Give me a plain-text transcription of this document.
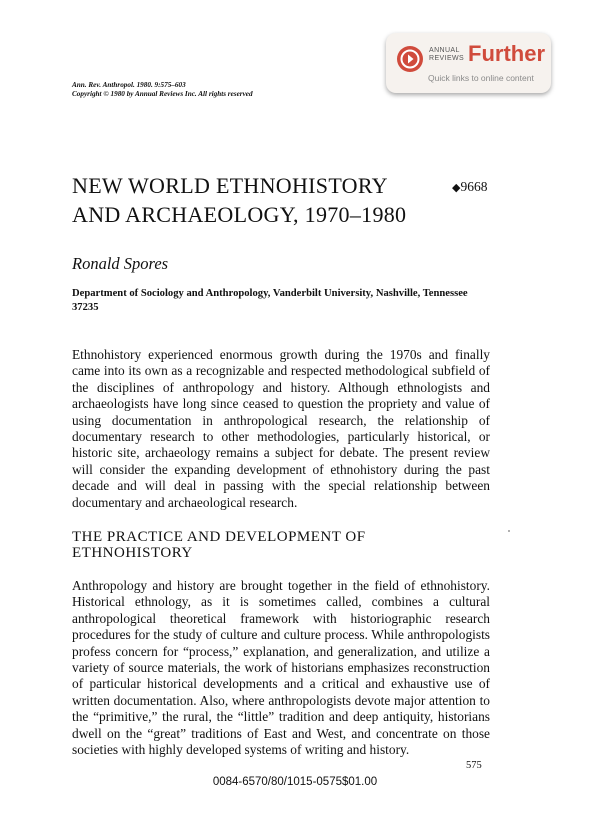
ANNUAL
REVIEWS Further
Quick links to online content
Ann. Rev. Anthropol. 1980. 9:575–603
Copyright © 1980 by Annual Reviews Inc. All rights reserved
NEW WORLD ETHNOHISTORY AND ARCHAEOLOGY, 1970–1980
◆9668
Ronald Spores
Department of Sociology and Anthropology, Vanderbilt University, Nashville, Tennessee 37235

Ethnohistory experienced enormous growth during the 1970s and finally came into its own as a recognizable and respected methodological subfield of the disciplines of anthropology and history. Although ethnologists and archaeologists have long since ceased to question the propriety and value of using documentation in anthropological research, the relationship of documentary research to other methodologies, particularly historical, or historic site, archaeology remains a subject for debate. The present review will consider the expanding development of ethnohistory during the past decade and will deal in passing with the special relationship between documentary and archaeological research.

THE PRACTICE AND DEVELOPMENT OF ETHNOHISTORY

Anthropology and history are brought together in the field of ethnohistory. Historical ethnology, as it is sometimes called, combines a cultural anthropological theoretical framework with historiographic research procedures for the study of culture and culture process. While anthropologists profess concern for “process,” explanation, and generalization, and utilize a variety of source materials, the work of historians emphasizes reconstruction of particular historical developments and a critical and exhaustive use of written documentation. Also, where anthropologists devote major attention to the “primitive,” the rural, the “little” tradition and deep antiquity, historians dwell on the “great” traditions of East and West, and concentrate on those societies with highly developed systems of writing and history.

575
0084-6570/80/1015-0575$01.00
